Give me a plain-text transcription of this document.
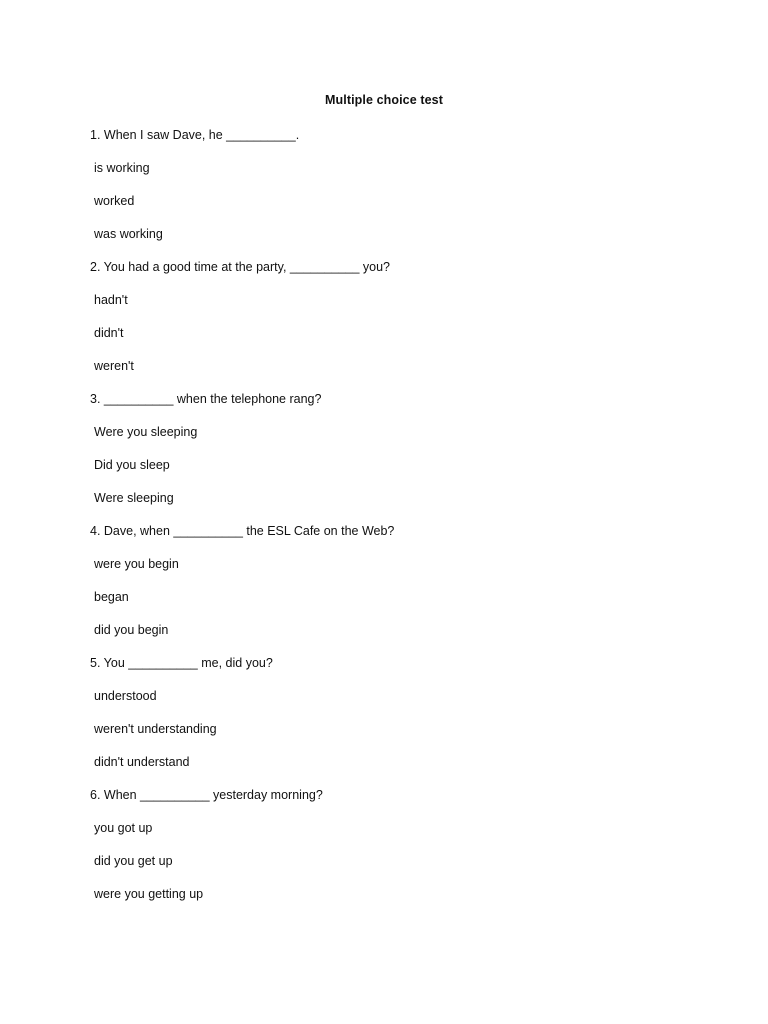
Multiple choice test
1. When I saw Dave, he __________.
is working
worked
was working
2. You had a good time at the party, __________ you?
hadn't
didn't
weren't
3. __________ when the telephone rang?
Were you sleeping
Did you sleep
Were sleeping
4. Dave, when __________ the ESL Cafe on the Web?
were you begin
began
did you begin
5. You __________ me, did you?
understood
weren't understanding
didn't understand
6. When __________ yesterday morning?
you got up
did you get up
were you getting up
